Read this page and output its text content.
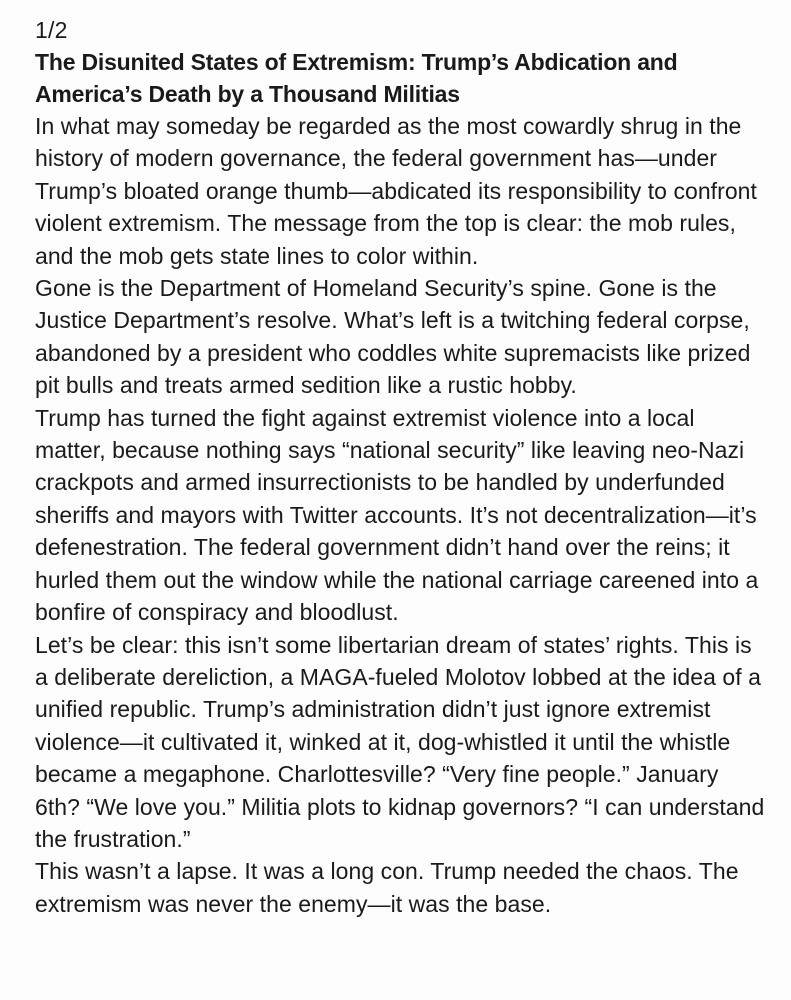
1/2

The Disunited States of Extremism: Trump’s Abdication and America’s Death by a Thousand Militias

In what may someday be regarded as the most cowardly shrug in the history of modern governance, the federal government has—under Trump’s bloated orange thumb—abdicated its responsibility to confront violent extremism. The message from the top is clear: the mob rules, and the mob gets state lines to color within.

Gone is the Department of Homeland Security’s spine. Gone is the Justice Department’s resolve. What’s left is a twitching federal corpse, abandoned by a president who coddles white supremacists like prized pit bulls and treats armed sedition like a rustic hobby.

Trump has turned the fight against extremist violence into a local matter, because nothing says “national security” like leaving neo-Nazi crackpots and armed insurrectionists to be handled by underfunded sheriffs and mayors with Twitter accounts. It’s not decentralization—it’s defenestration. The federal government didn’t hand over the reins; it hurled them out the window while the national carriage careened into a bonfire of conspiracy and bloodlust.

Let’s be clear: this isn’t some libertarian dream of states’ rights. This is a deliberate dereliction, a MAGA-fueled Molotov lobbed at the idea of a unified republic. Trump’s administration didn’t just ignore extremist violence—it cultivated it, winked at it, dog-whistled it until the whistle became a megaphone. Charlottesville? “Very fine people.” January 6th? “We love you.” Militia plots to kidnap governors? “I can understand the frustration.”

This wasn’t a lapse. It was a long con. Trump needed the chaos. The extremism was never the enemy—it was the base.
